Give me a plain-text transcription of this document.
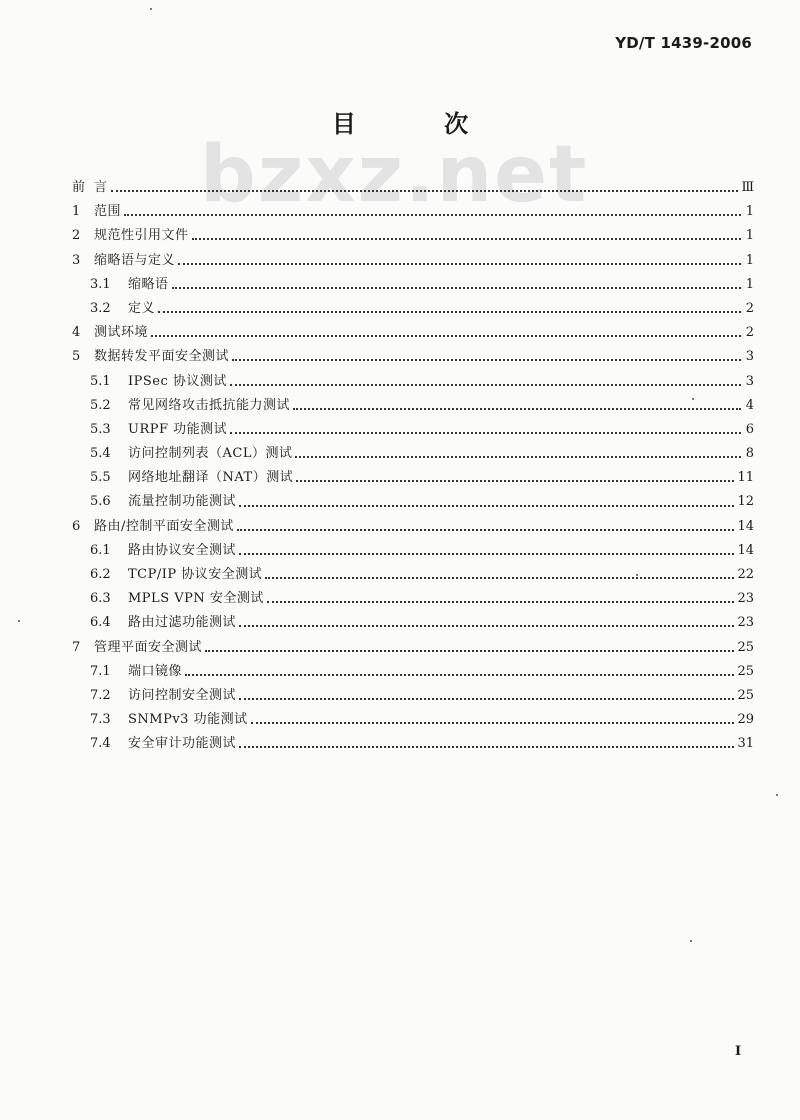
YD/T 1439-2006
bzxz.net
目 次
前 言	Ⅲ
1	范围	1
2	规范性引用文件	1
3	缩略语与定义	1
3.1	缩略语	1
3.2	定义	2
4	测试环境	2
5	数据转发平面安全测试	3
5.1	IPSec 协议测试	3
5.2	常见网络攻击抵抗能力测试	4
5.3	URPF 功能测试	6
5.4	访问控制列表（ACL）测试	8
5.5	网络地址翻译（NAT）测试	11
5.6	流量控制功能测试	12
6	路由/控制平面安全测试	14
6.1	路由协议安全测试	14
6.2	TCP/IP 协议安全测试	22
6.3	MPLS VPN 安全测试	23
6.4	路由过滤功能测试	23
7	管理平面安全测试	25
7.1	端口镜像	25
7.2	访问控制安全测试	25
7.3	SNMPv3 功能测试	29
7.4	安全审计功能测试	31
I
